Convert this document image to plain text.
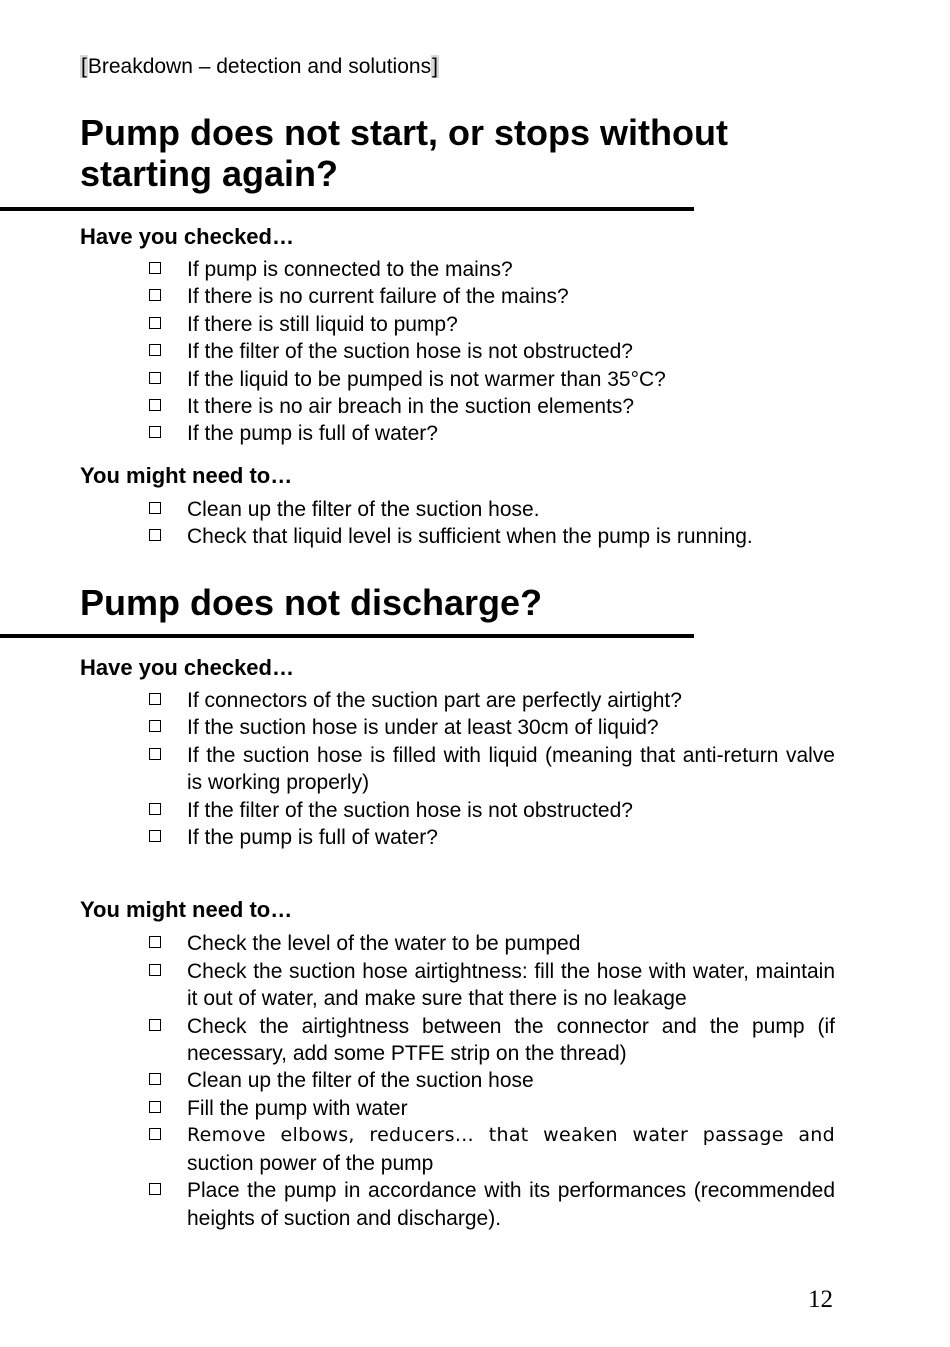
[Breakdown – detection and solutions]
Pump does not start, or stops without starting again?
Have you checked…
If pump is connected to the mains?
If there is no current failure of the mains?
If there is still liquid to pump?
If the filter of the suction hose is not obstructed?
If the liquid to be pumped is not warmer than 35°C?
It there is no air breach in the suction elements?
If the pump is full of water?
You might need to…
Clean up the filter of the suction hose.
Check that liquid level is sufficient when the pump is running.
Pump does not discharge?
Have you checked…
If connectors of the suction part are perfectly airtight?
If the suction hose is under at least 30cm of liquid?
If the suction hose is filled with liquid (meaning that anti-return valve is working properly)
If the filter of the suction hose is not obstructed?
If the pump is full of water?
You might need to…
Check the level of the water to be pumped
Check the suction hose airtightness: fill the hose with water, maintain it out of water, and make sure that there is no leakage
Check the airtightness between the connector and the pump (if necessary, add some PTFE strip on the thread)
Clean up the filter of the suction hose
Fill the pump with water
Remove elbows, reducers… that weaken water passage and
suction power of the pump
Place the pump in accordance with its performances (recommended heights of suction and discharge).
12
